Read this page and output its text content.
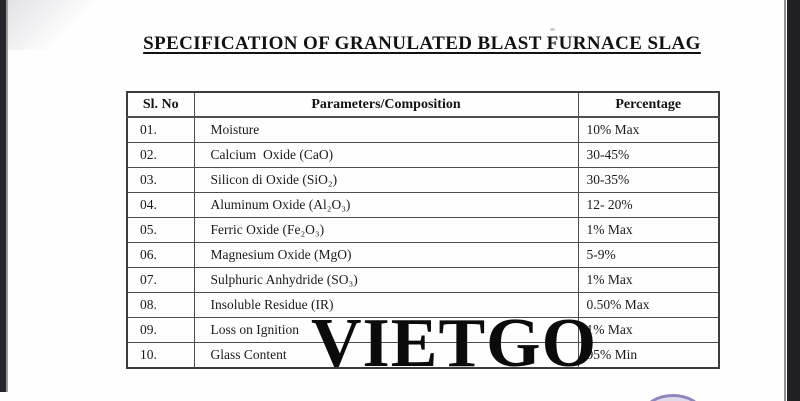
SPECIFICATION OF GRANULATED BLAST FURNACE SLAG
Sl. No	Parameters/Composition	Percentage
01.	Moisture	10% Max
02.	Calcium  Oxide (CaO)	30-45%
03.	Silicon di Oxide (SiO₂)	30-35%
04.	Aluminum Oxide (Al₂O₃)	12- 20%
05.	Ferric Oxide (Fe₂O₃)	1% Max
06.	Magnesium Oxide (MgO)	5-9%
07.	Sulphuric Anhydride (SO₃)	1% Max
08.	Insoluble Residue (IR)	0.50% Max
09.	Loss on Ignition	1% Max
10.	Glass Content	95% Min
VIETGO
